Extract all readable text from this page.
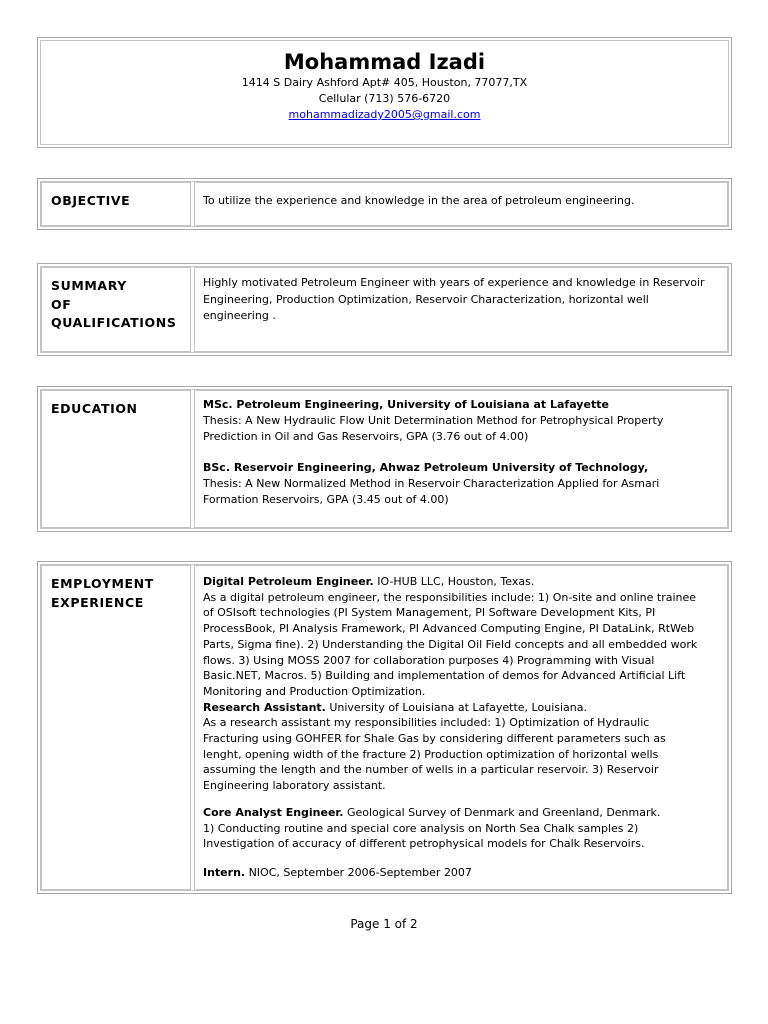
Mohammad Izadi
1414 S Dairy Ashford Apt# 405, Houston, 77077,TX
Cellular (713) 576-6720
mohammadizady2005@gmail.com
OBJECTIVE	To utilize the experience and knowledge in the area of petroleum engineering.
SUMMARY
OF
QUALIFICATIONS
Highly motivated Petroleum Engineer with years of experience and knowledge in Reservoir
Engineering, Production Optimization, Reservoir Characterization, horizontal well
engineering .
EDUCATION	MSc. Petroleum Engineering, University of Louisiana at Lafayette
Thesis: A New Hydraulic Flow Unit Determination Method for Petrophysical Property
Prediction in Oil and Gas Reservoirs, GPA (3.76 out of 4.00)
BSc. Reservoir Engineering, Ahwaz Petroleum University of Technology,
Thesis: A New Normalized Method in Reservoir Characterization Applied for Asmari
Formation Reservoirs, GPA (3.45 out of 4.00)
EMPLOYMENT
EXPERIENCE
Digital Petroleum Engineer. IO-HUB LLC, Houston, Texas.
As a digital petroleum engineer, the responsibilities include: 1) On-site and online trainee
of OSIsoft technologies (PI System Management, PI Software Development Kits, PI
ProcessBook, PI Analysis Framework, PI Advanced Computing Engine, PI DataLink, RtWeb
Parts, Sigma fine). 2) Understanding the Digital Oil Field concepts and all embedded work
flows. 3) Using MOSS 2007 for collaboration purposes 4) Programming with Visual
Basic.NET, Macros. 5) Building and implementation of demos for Advanced Artificial Lift
Monitoring and Production Optimization.
Research Assistant. University of Louisiana at Lafayette, Louisiana.
As a research assistant my responsibilities included: 1) Optimization of Hydraulic
Fracturing using GOHFER for Shale Gas by considering different parameters such as
lenght, opening width of the fracture 2) Production optimization of horizontal wells
assuming the length and the number of wells in a particular reservoir. 3) Reservoir
Engineering laboratory assistant.
Core Analyst Engineer. Geological Survey of Denmark and Greenland, Denmark.
1) Conducting routine and special core analysis on North Sea Chalk samples 2)
Investigation of accuracy of different petrophysical models for Chalk Reservoirs.
Intern. NIOC, September 2006-September 2007
Page 1 of 2
